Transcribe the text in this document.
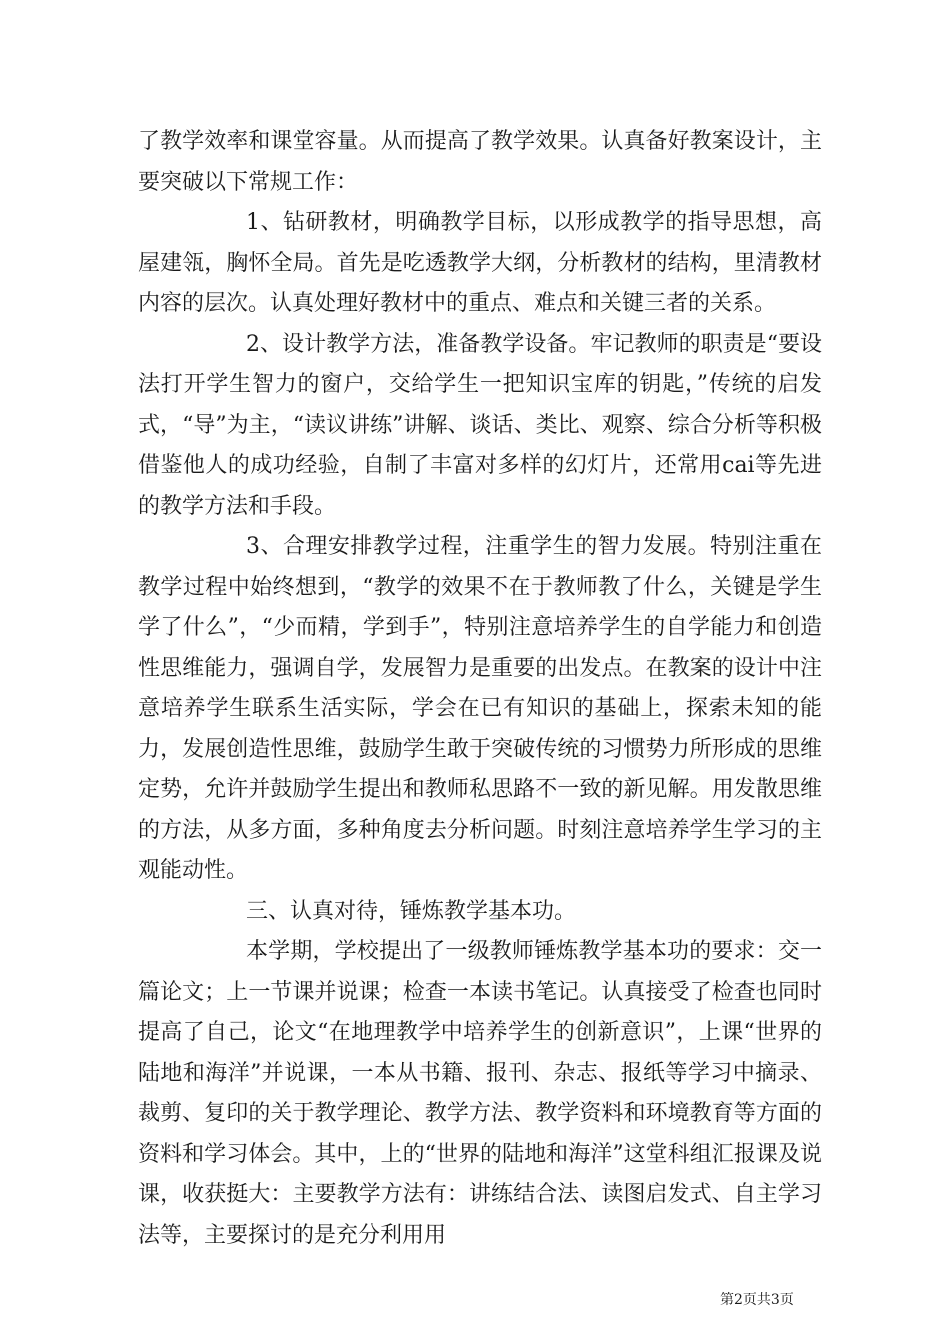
了教学效率和课堂容量。从而提高了教学效果。认真备好教案设计，主要突破以下常规工作：

1、钻研教材，明确教学目标，以形成教学的指导思想，高屋建瓴，胸怀全局。首先是吃透教学大纲，分析教材的结构，里清教材内容的层次。认真处理好教材中的重点、难点和关键三者的关系。

2、设计教学方法，准备教学设备。牢记教师的职责是“要设法打开学生智力的窗户，交给学生一把知识宝库的钥匙，”传统的启发式，“导”为主，“读议讲练”讲解、谈话、类比、观察、综合分析等积极借鉴他人的成功经验，自制了丰富对多样的幻灯片，还常用cai等先进的教学方法和手段。

3、合理安排教学过程，注重学生的智力发展。特别注重在教学过程中始终想到，“教学的效果不在于教师教了什么，关键是学生学了什么”，“少而精，学到手”，特别注意培养学生的自学能力和创造性思维能力，强调自学，发展智力是重要的出发点。在教案的设计中注意培养学生联系生活实际，学会在已有知识的基础上，探索未知的能力，发展创造性思维，鼓励学生敢于突破传统的习惯势力所形成的思维定势，允许并鼓励学生提出和教师私思路不一致的新见解。用发散思维的方法，从多方面，多种角度去分析问题。时刻注意培养学生学习的主观能动性。

三、认真对待，锤炼教学基本功。

本学期，学校提出了一级教师锤炼教学基本功的要求：交一篇论文；上一节课并说课；检查一本读书笔记。认真接受了检查也同时提高了自己，论文“在地理教学中培养学生的创新意识”，上课“世界的陆地和海洋”并说课，一本从书籍、报刊、杂志、报纸等学习中摘录、裁剪、复印的关于教学理论、教学方法、教学资料和环境教育等方面的资料和学习体会。其中，上的“世界的陆地和海洋”这堂科组汇报课及说课，收获挺大：主要教学方法有：讲练结合法、读图启发式、自主学习法等，主要探讨的是充分利用用

第2页共3页
